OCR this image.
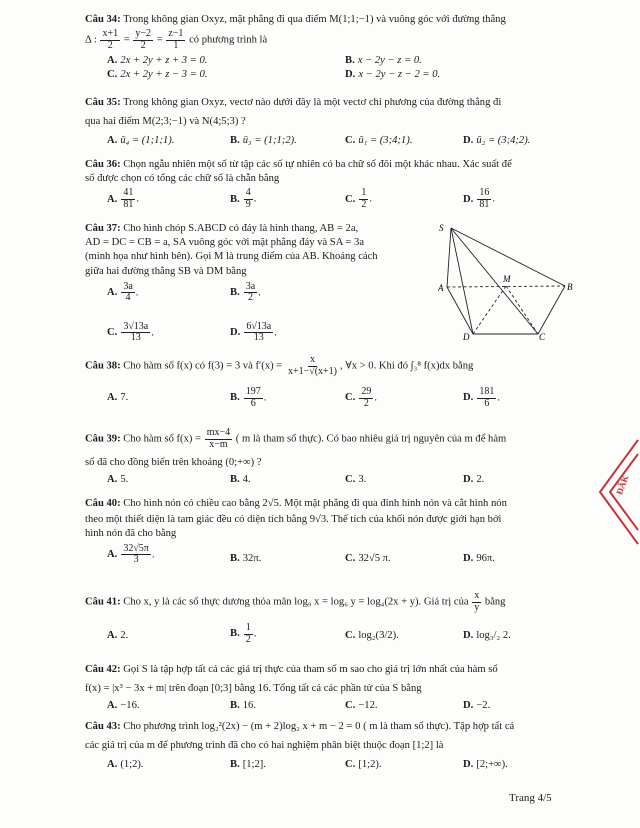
Câu 34: Trong không gian Oxyz, mặt phẳng đi qua điểm M(1;1;−1) và vuông góc với đường thẳng
Δ : $\frac{x+1}{2} = \frac{y-2}{2} = \frac{z-1}{1}$ có phương trình là
A. 2x + 2y + z + 3 = 0.	B. x − 2y − z = 0.
C. 2x + 2y + z − 3 = 0.	D. x − 2y − z − 2 = 0.
Câu 35: Trong không gian Oxyz, vectơ nào dưới đây là một vectơ chỉ phương của đường thẳng đi
qua hai điểm M(2;3;−1) và N(4;5;3) ?
A. ū₄ = (1;1;1).	B. ū₃ = (1;1;2).	C. ū₁ = (3;4;1).	D. ū₂ = (3;4;2).
Câu 36: Chọn ngẫu nhiên một số từ tập các số tự nhiên có ba chữ số đôi một khác nhau. Xác suất để
số được chọn có tổng các chữ số là chẵn bằng
A. $\frac{41}{81}$ .	B. $\frac{4}{9}$ .	C. $\frac{1}{2}$ .	D. $\frac{16}{81}$ .
Câu 37: Cho hình chóp S.ABCD có đáy là hình thang, AB = 2a,
AD = DC = CB = a, SA vuông góc với mặt phẳng đáy và SA = 3a
(minh họa như hình bên). Gọi M là trung điểm của AB. Khoảng cách
giữa hai đường thẳng SB và DM bằng
A. $\frac{3a}{4}$ .	B. $\frac{3a}{2}$ .
C. $\frac{3√13a}{13}$ .	D. $\frac{6√13a}{13}$ .
S
A
M
B
D	C
Câu 38: Cho hàm số f(x) có f(3) = 3 và $f'(x) = \frac{x}{x+1-√(x+1)}$ , ∀x > 0. Khi đó ∫₃⁸ f(x)dx bằng
A. 7.	B. $\frac{197}{6}$ .	C. $\frac{29}{2}$ .	D. $\frac{181}{6}$ .
Câu 39: Cho hàm số $f(x) = \frac{mx-4}{x-m}$ ( m là tham số thực). Có bao nhiêu giá trị nguyên của m để hàm
số đã cho đồng biến trên khoảng (0;+∞) ?
A. 5.	B. 4.	C. 3.	D. 2.
Câu 40: Cho hình nón có chiều cao bằng 2√5. Một mặt phẳng đi qua đỉnh hình nón và cắt hình nón
theo một thiết diện là tam giác đều có diện tích bằng 9√3. Thể tích của khối nón được giới hạn bởi
hình nón đã cho bằng
A. $\frac{32√5\pi}{3}$ .	B. 32π.	C. 32√5 π.	D. 96π.
Câu 41: Cho x, y là các số thực dương thỏa mãn log₉ x = log₆ y = log₄(2x + y). Giá trị của $\frac{x}{y}$ bằng
A. 2.	B. $\frac{1}{2}$ .	C. log₂(3/2).	D. log₃/₂ 2.
Câu 42: Gọi S là tập hợp tất cả các giá trị thực của tham số m sao cho giá trị lớn nhất của hàm số
f(x) = |x³ − 3x + m| trên đoạn [0;3] bằng 16. Tổng tất cả các phần tử của S bằng
A. −16.	B. 16.	C. −12.	D. −2.
Câu 43: Cho phương trình log₂²(2x) − (m + 2)log₂ x + m − 2 = 0 ( m là tham số thực). Tập hợp tất cả
các giá trị của m để phương trình đã cho có hai nghiệm phân biệt thuộc đoạn [1;2] là
A. (1;2).	B. [1;2].	C. [1;2).	D. [2;+∞).
ĐĂK
Trang 4/5
